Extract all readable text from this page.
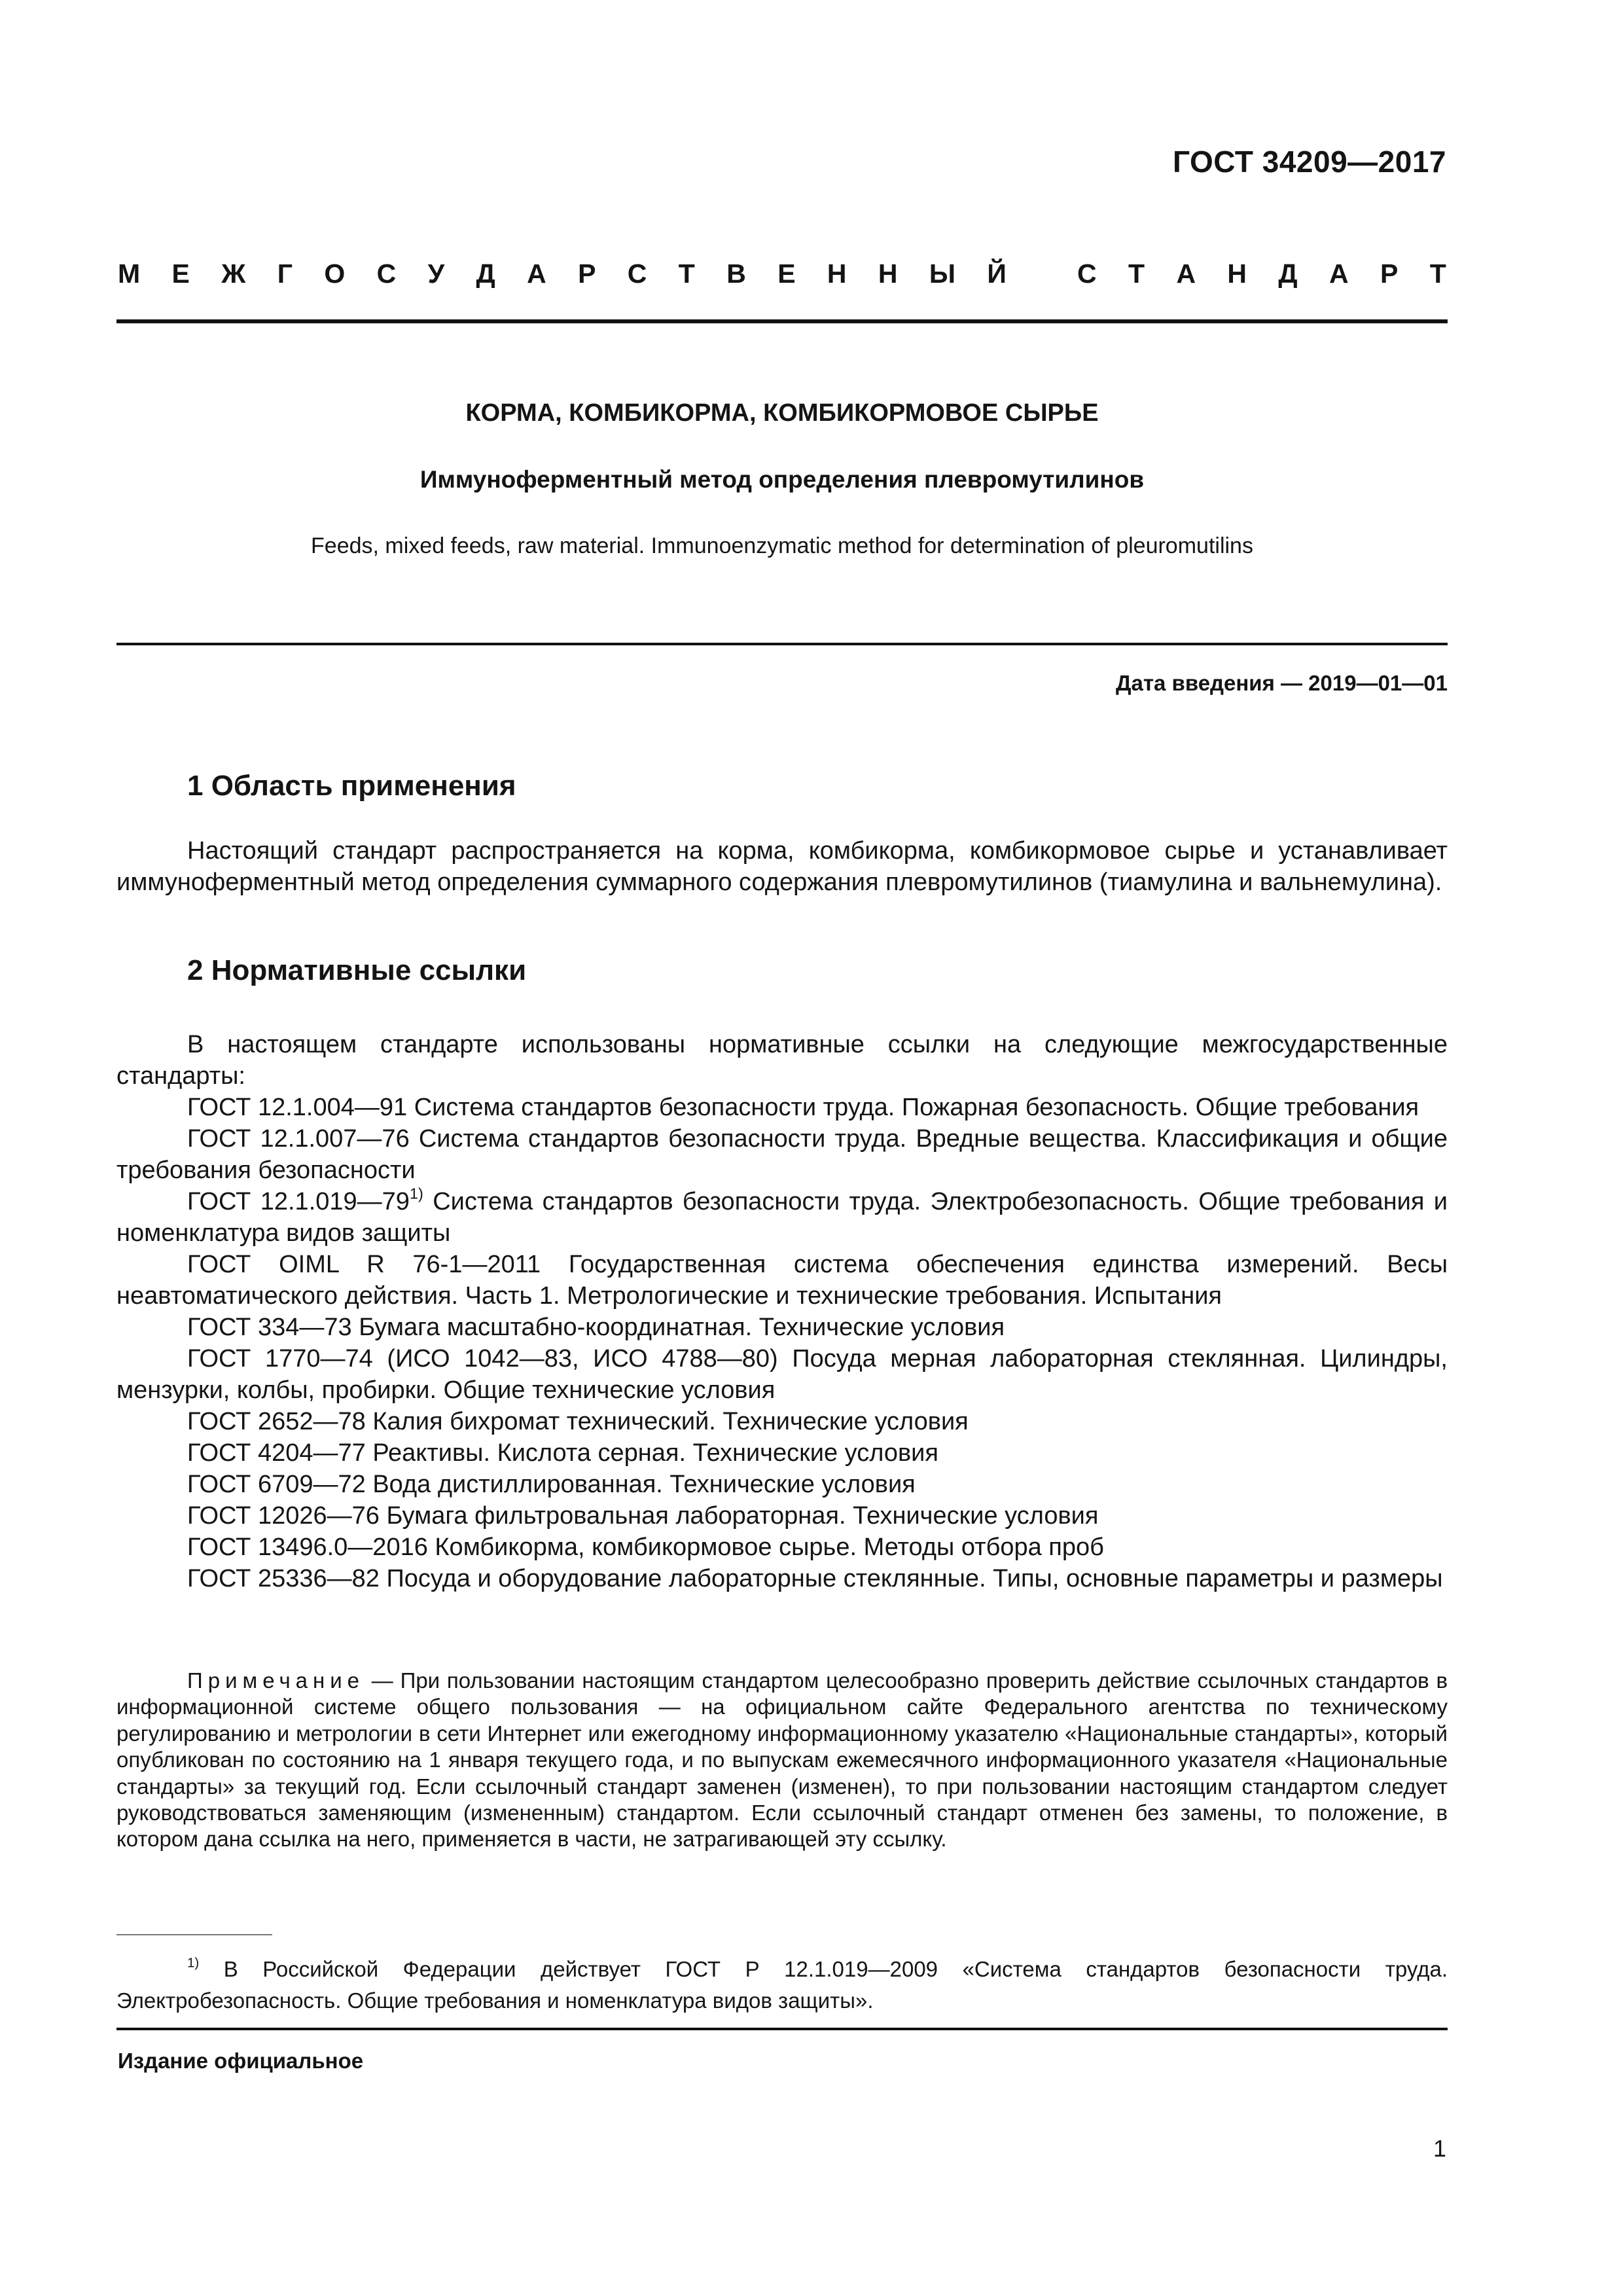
ГОСТ 34209—2017
М Е Ж Г О С У Д А Р С Т В Е Н Н Ы Й
	С Т А Н Д А Р Т
КОРМА, КОМБИКОРМА, КОМБИКОРМОВОЕ СЫРЬЕ
Иммуноферментный метод определения плевромутилинов
Feeds, mixed feeds, raw material. Immunoenzymatic method for determination of pleuromutilins
Дата введения — 2019—01—01
1 Область применения

Настоящий стандарт распространяется на корма, комбикорма, комбикормовое сырье и устанавливает иммуноферментный метод определения суммарного содержания плевромутилинов (тиамулина и вальнемулина).

2 Нормативные ссылки

В настоящем стандарте использованы нормативные ссылки на следующие межгосударственные стандарты:

ГОСТ 12.1.004—91 Система стандартов безопасности труда. Пожарная безопасность. Общие требования

ГОСТ 12.1.007—76 Система стандартов безопасности труда. Вредные вещества. Классификация и общие требования безопасности

ГОСТ 12.1.019—79$^{1)}$ Система стандартов безопасности труда. Электробезопасность. Общие требования и номенклатура видов защиты

ГОСТ OIML R 76-1—2011 Государственная система обеспечения единства измерений. Весы неавтоматического действия. Часть 1. Метрологические и технические требования. Испытания

ГОСТ 334—73 Бумага масштабно-координатная. Технические условия

ГОСТ 1770—74 (ИСО 1042—83, ИСО 4788—80) Посуда мерная лабораторная стеклянная. Цилиндры, мензурки, колбы, пробирки. Общие технические условия

ГОСТ 2652—78 Калия бихромат технический. Технические условия

ГОСТ 4204—77 Реактивы. Кислота серная. Технические условия

ГОСТ 6709—72 Вода дистиллированная. Технические условия

ГОСТ 12026—76 Бумага фильтровальная лабораторная. Технические условия

ГОСТ 13496.0—2016 Комбикорма, комбикормовое сырье. Методы отбора проб

ГОСТ 25336—82 Посуда и оборудование лабораторные стеклянные. Типы, основные параметры и размеры

Примечание — При пользовании настоящим стандартом целесообразно проверить действие ссылочных стандартов в информационной системе общего пользования — на официальном сайте Федерального агентства по техническому регулированию и метрологии в сети Интернет или ежегодному информационному указателю «Национальные стандарты», который опубликован по состоянию на 1 января текущего года, и по выпускам ежемесячного информационного указателя «Национальные стандарты» за текущий год. Если ссылочный стандарт заменен (изменен), то при пользовании настоящим стандартом следует руководствоваться заменяющим (измененным) стандартом. Если ссылочный стандарт отменен без замены, то положение, в котором дана ссылка на него, применяется в части, не затрагивающей эту ссылку.

$^{1)}$ В Российской Федерации действует ГОСТ Р 12.1.019—2009 «Система стандартов безопасности труда. Электробезопасность. Общие требования и номенклатура видов защиты».

Издание официальное
1
